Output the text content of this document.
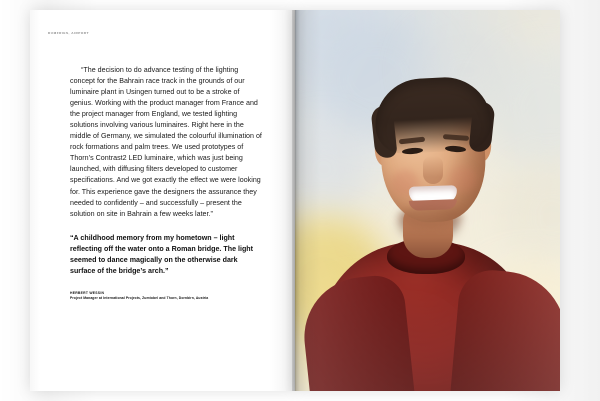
DUMFRIES, AIRPORT

“The decision to do advance testing of the lighting concept for the Bahrain race track in the grounds of our luminaire plant in Usingen turned out to be a stroke of genius. Working with the product manager from France and the project manager from England, we tested lighting solutions involving various luminaires. Right here in the middle of Germany, we simulated the colourful illumination of rock formations and palm trees. We used prototypes of Thorn’s Contrast2 LED luminaire, which was just being launched, with diffusing filters developed to customer specifications. And we got exactly the effect we were looking for. This experience gave the designers the assurance they needed to confidently – and successfully – present the solution on site in Bahrain a few weeks later.”

“A childhood memory from my hometown – light reflecting off the water onto a Roman bridge. The light seemed to dance magically on the otherwise dark surface of the bridge’s arch.”

HERBERT WESSIN
Project Manager at International Projects, Zumtobel and Thorn, Dornbirn, Austria
